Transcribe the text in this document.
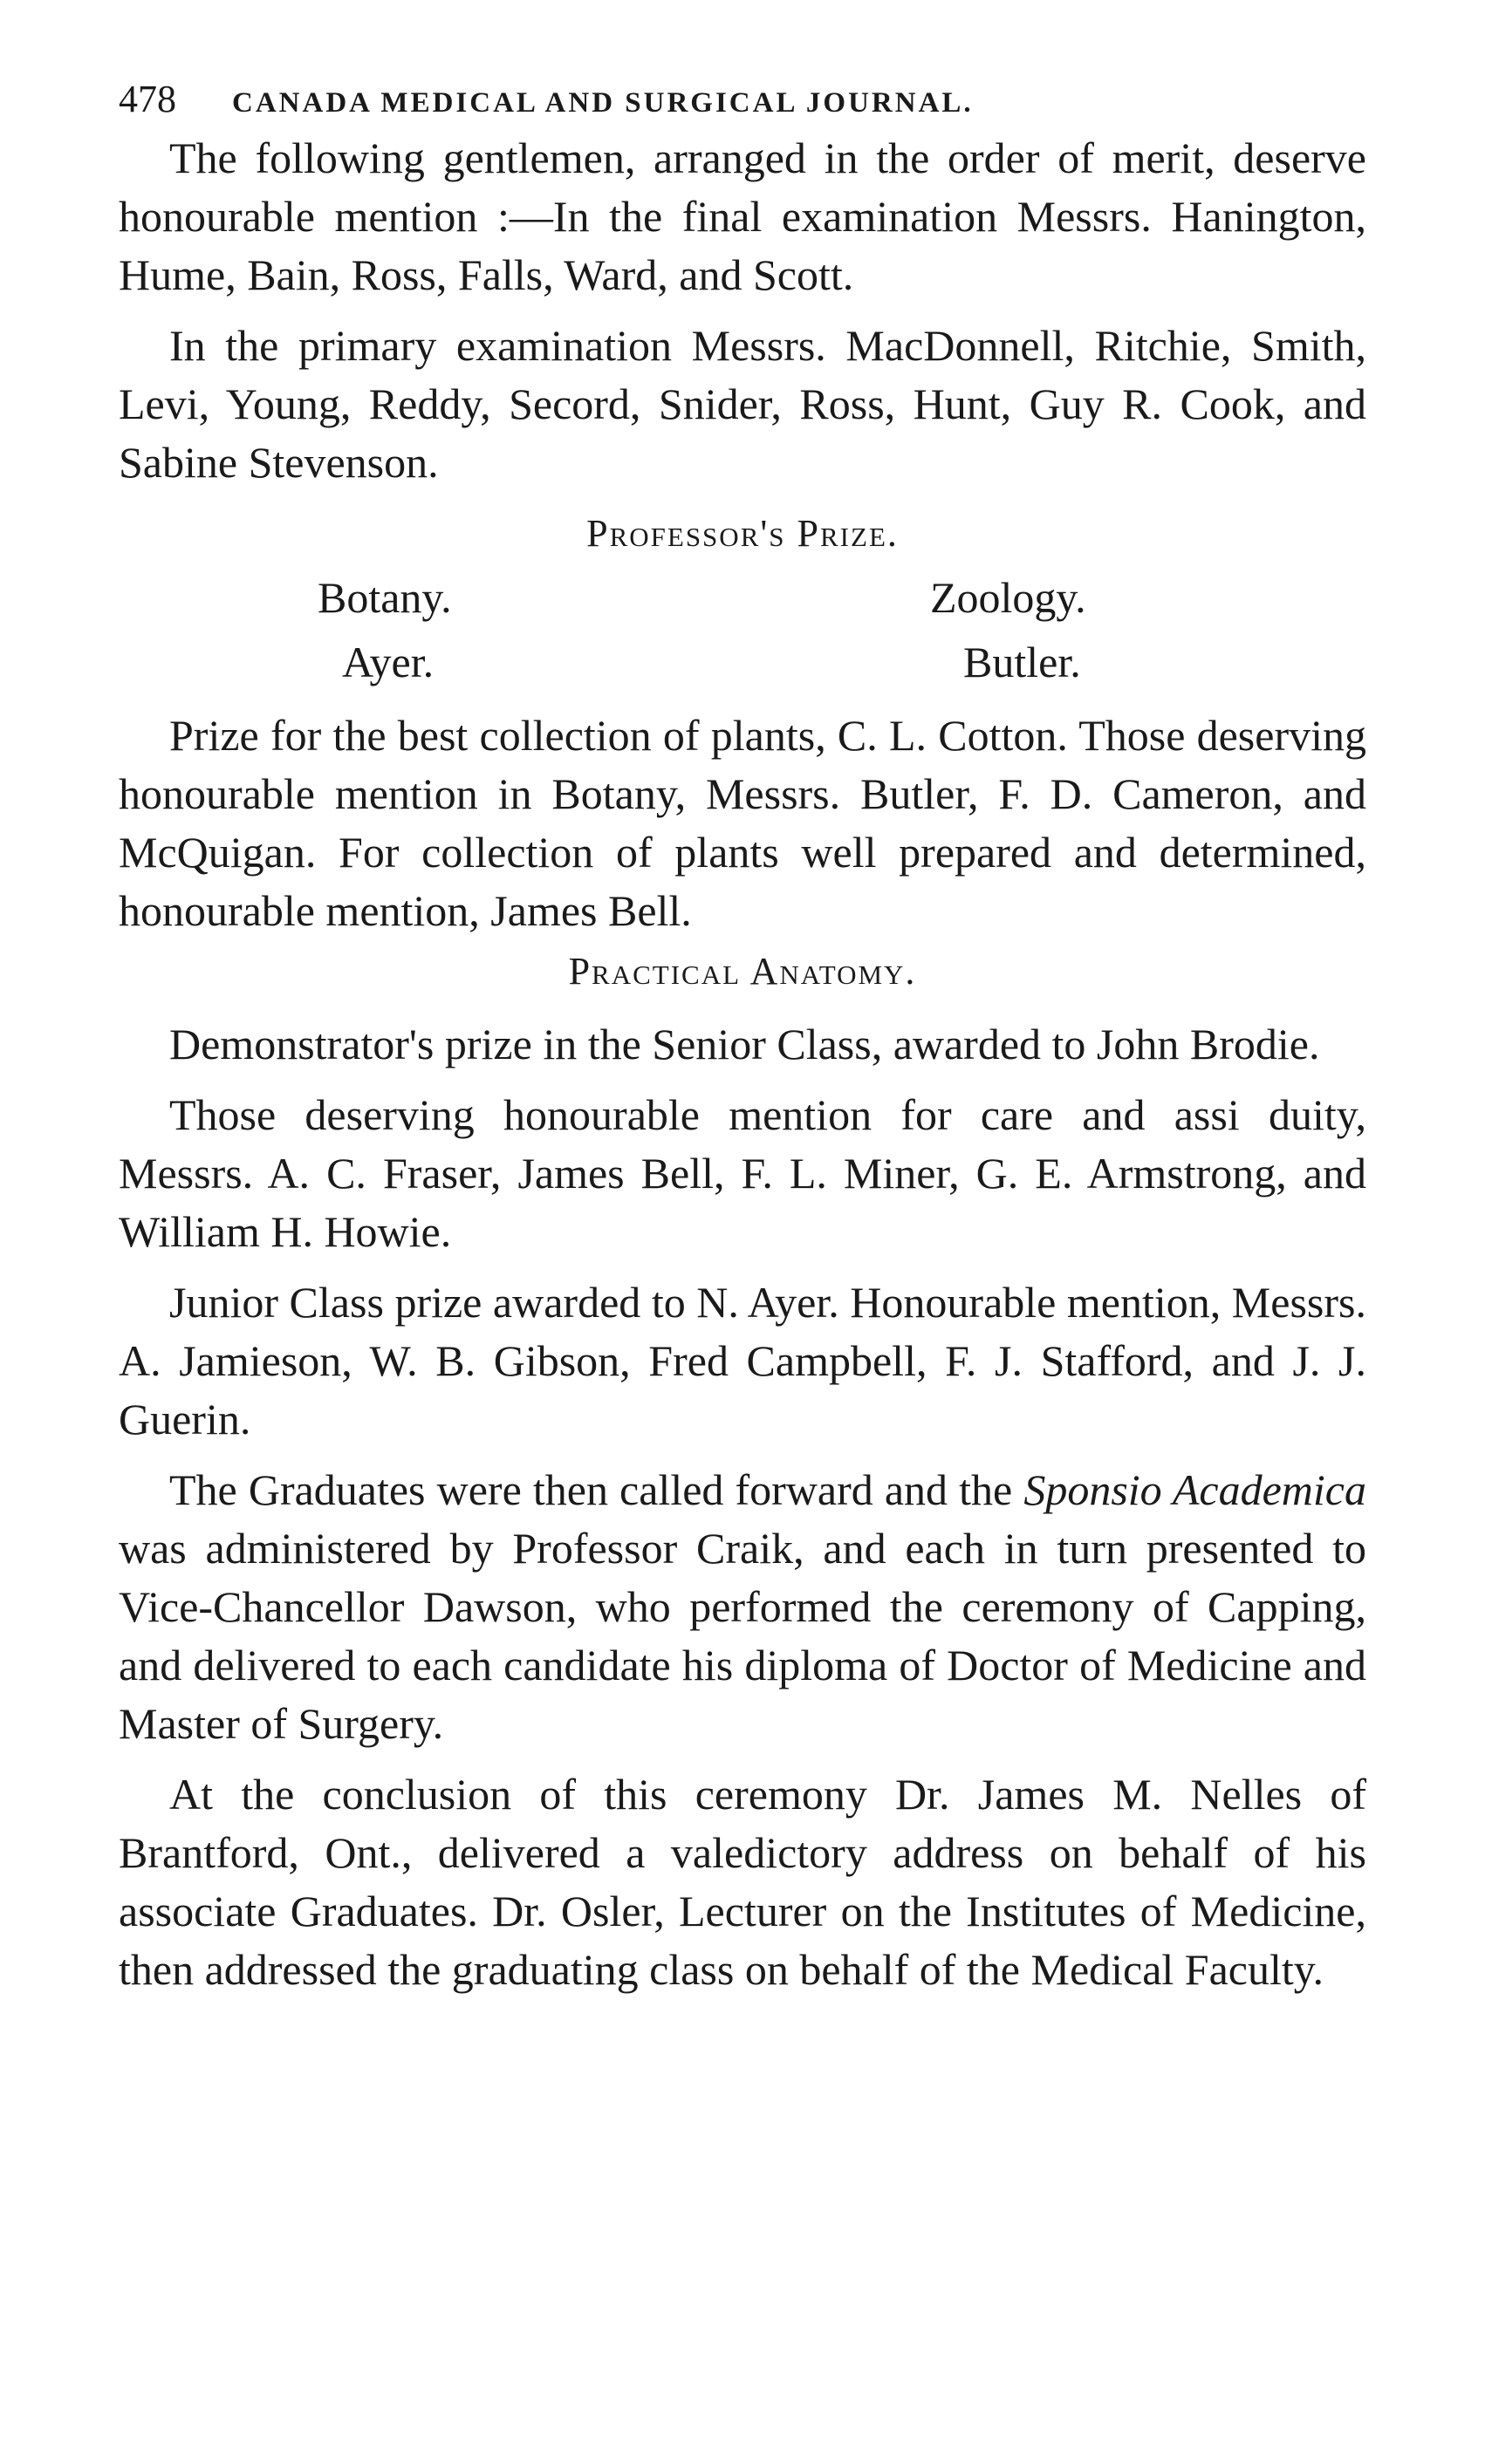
478	CANADA MEDICAL AND SURGICAL JOURNAL.

The following gentlemen, arranged in the order of merit, deserve honourable mention :—In the final examination Messrs. Hanington, Hume, Bain, Ross, Falls, Ward, and Scott.

In the primary examination Messrs. MacDonnell, Ritchie, Smith, Levi, Young, Reddy, Secord, Snider, Ross, Hunt, Guy R. Cook, and Sabine Stevenson.

Professor's Prize.

Botany.	Zoology.
Ayer.	Butler.

Prize for the best collection of plants, C. L. Cotton. Those deserving honourable mention in Botany, Messrs. Butler, F. D. Cameron, and McQuigan. For collection of plants well prepared and determined, honourable mention, James Bell.

Practical Anatomy.

Demonstrator's prize in the Senior Class, awarded to John Brodie.

Those deserving honourable mention for care and assi duity, Messrs. A. C. Fraser, James Bell, F. L. Miner, G. E. Armstrong, and William H. Howie.

Junior Class prize awarded to N. Ayer. Honourable mention, Messrs. A. Jamieson, W. B. Gibson, Fred Campbell, F. J. Stafford, and J. J. Guerin.

The Graduates were then called forward and the Sponsio Academica was administered by Professor Craik, and each in turn presented to Vice-Chancellor Dawson, who performed the ceremony of Capping, and delivered to each candidate his diploma of Doctor of Medicine and Master of Surgery.

At the conclusion of this ceremony Dr. James M. Nelles of Brantford, Ont., delivered a valedictory address on behalf of his associate Graduates. Dr. Osler, Lecturer on the Institutes of Medicine, then addressed the graduating class on behalf of the Medical Faculty.
